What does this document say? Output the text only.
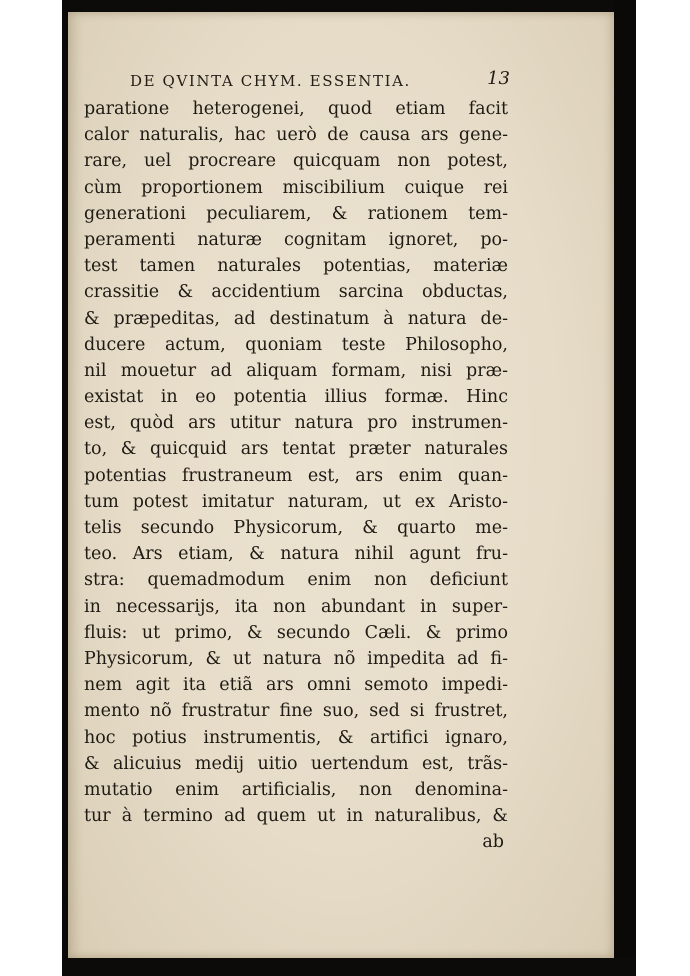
DE QVINTA CHYM. ESSENTIA.	13
paratione heterogenei, quod etiam facit
calor naturalis, hac uerò de causa ars gene-
rare, uel procreare quicquam non potest,
cùm proportionem miscibilium cuique rei
generationi peculiarem, & rationem tem-
peramenti naturæ cognitam ignoret, po-
test tamen naturales potentias, materiæ
crassitie & accidentium sarcina obductas,
& præpeditas, ad destinatum à natura de-
ducere actum, quoniam teste Philosopho,
nil mouetur ad aliquam formam, nisi præ-
existat in eo potentia illius formæ. Hinc
est, quòd ars utitur natura pro instrumen-
to, & quicquid ars tentat præter naturales
potentias frustraneum est, ars enim quan-
tum potest imitatur naturam, ut ex Aristo-
telis secundo Physicorum, & quarto me-
teo. Ars etiam, & natura nihil agunt fru-
stra: quemadmodum enim non deficiunt
in necessarijs, ita non abundant in super-
fluis: ut primo, & secundo Cæli. & primo
Physicorum, & ut natura nõ impedita ad fi-
nem agit ita etiã ars omni semoto impedi-
mento nõ frustratur fine suo, sed si frustret,
hoc potius instrumentis, & artifici ignaro,
& alicuius medij uitio uertendum est, trãs-
mutatio enim artificialis, non denomina-
tur à termino ad quem ut in naturalibus, &
ab
